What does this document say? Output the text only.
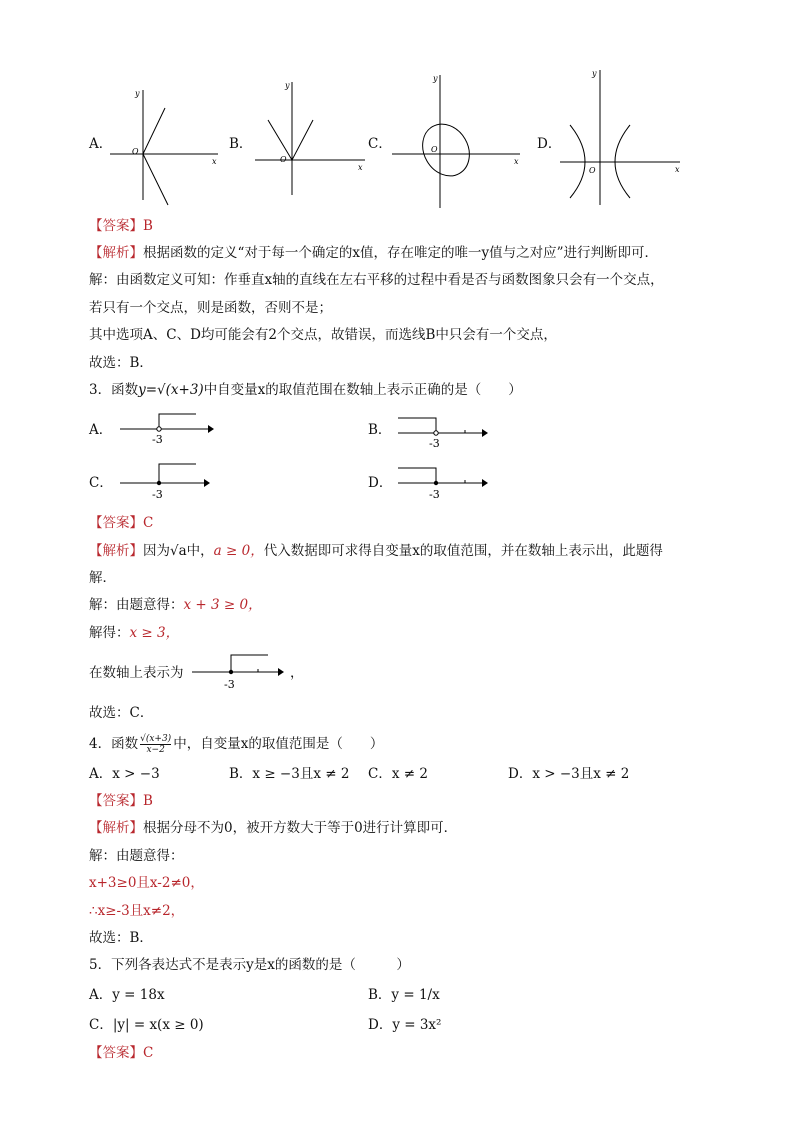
A．	B．	C．	D．
y
x
O
y
x
O
y
x
O
y
x
O
【答案】B
【解析】根据函数的定义“对于每一个确定的x值，存在唯定的唯一y值与之对应”进行判断即可．
解：由函数定义可知：作垂直x轴的直线在左右平移的过程中看是否与函数图象只会有一个交点，
若只有一个交点，则是函数，否则不是；
其中选项A、C、D均可能会有2个交点，故错误，而选线B中只会有一个交点，
故选：B．
3．函数y=√(x+3)中自变量x的取值范围在数轴上表示正确的是（　　）
A．	B．
C．	D．
-3	-3
-3	-3
【答案】C
【解析】因为√a中，a ≥ 0，代入数据即可求得自变量x的取值范围，并在数轴上表示出，此题得
解．
解：由题意得：x + 3 ≥ 0，
解得：x ≥ 3，
在数轴上表示为
-3
，
故选：C．
4．函数 $\frac{√(x+3)}{x-2}$ 中，自变量x的取值范围是（　　）
A．x > −3	B．x ≥ −3且x ≠ 2 C．x ≠ 2	D．x > −3且x ≠ 2
【答案】B
【解析】根据分母不为0，被开方数大于等于0进行计算即可．
解：由题意得：
x+3≥0且x-2≠0，
∴x≥-3且x≠2，
故选：B．
5．下列各表达式不是表示y是x的函数的是（　　　）
A．y = 18x	B．y = 1/x
C．|y| = x(x ≥ 0)	D．y = 3x²
【答案】C
